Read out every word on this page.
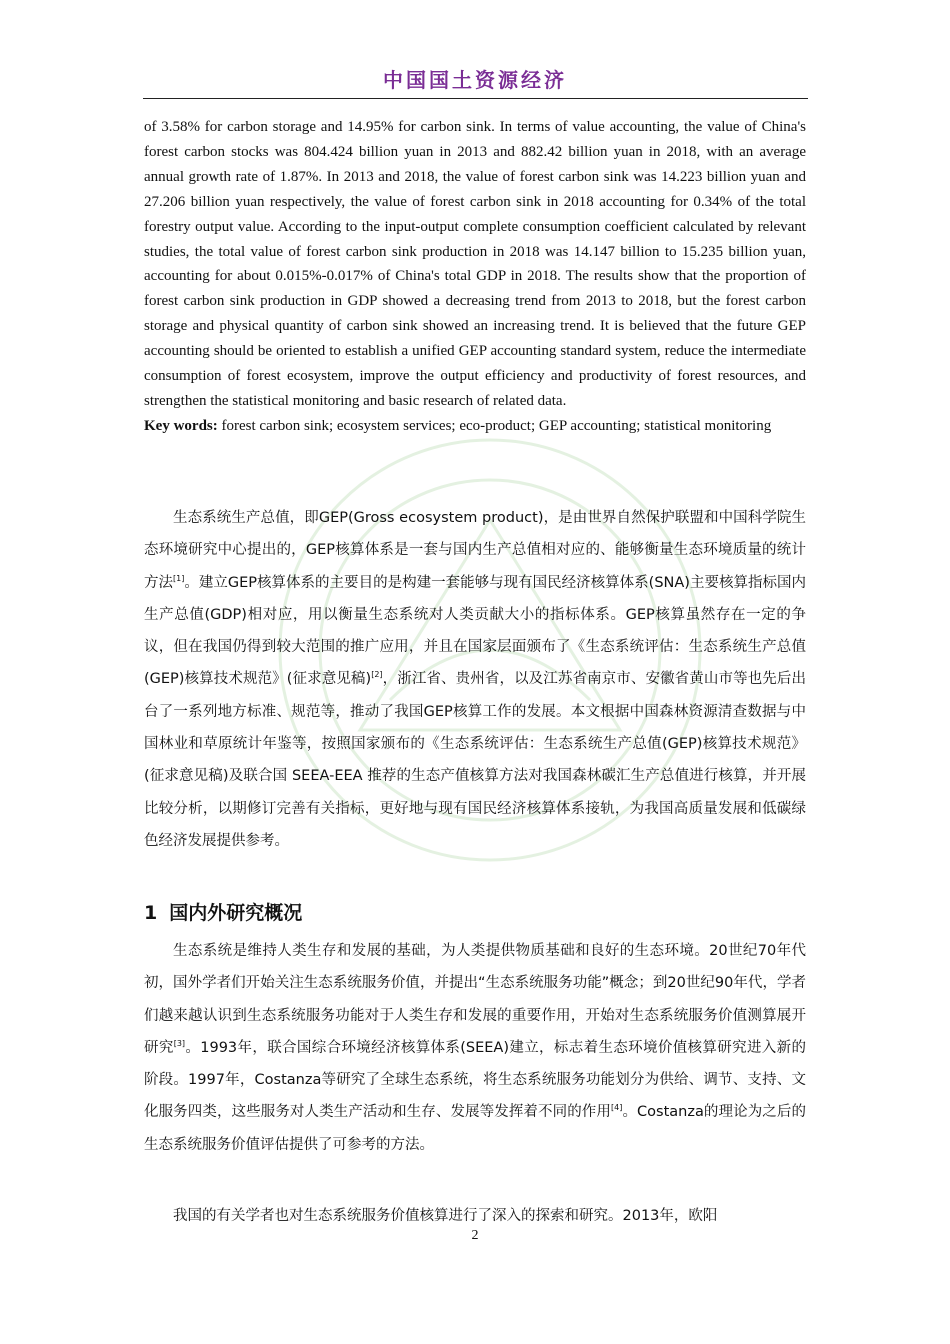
中国国土资源经济
of 3.58% for carbon storage and 14.95% for carbon sink. In terms of value accounting, the value of China's forest carbon stocks was 804.424 billion yuan in 2013 and 882.42 billion yuan in 2018, with an average annual growth rate of 1.87%. In 2013 and 2018, the value of forest carbon sink was 14.223 billion yuan and 27.206 billion yuan respectively, the value of forest carbon sink in 2018 accounting for 0.34% of the total forestry output value. According to the input-output complete consumption coefficient calculated by relevant studies, the total value of forest carbon sink production in 2018 was 14.147 billion to 15.235 billion yuan, accounting for about 0.015%-0.017% of China's total GDP in 2018. The results show that the proportion of forest carbon sink production in GDP showed a decreasing trend from 2013 to 2018, but the forest carbon storage and physical quantity of carbon sink showed an increasing trend. It is believed that the future GEP accounting should be oriented to establish a unified GEP accounting standard system, reduce the intermediate consumption of forest ecosystem, improve the output efficiency and productivity of forest resources, and strengthen the statistical monitoring and basic research of related data.
Key words: forest carbon sink; ecosystem services; eco-product; GEP accounting; statistical monitoring
生态系统生产总值，即GEP(Gross ecosystem product)，是由世界自然保护联盟和中国科学院生态环境研究中心提出的，GEP核算体系是一套与国内生产总值相对应的、能够衡量生态环境质量的统计方法[1]。建立GEP核算体系的主要目的是构建一套能够与现有国民经济核算体系(SNA)主要核算指标国内生产总值(GDP)相对应，用以衡量生态系统对人类贡献大小的指标体系。GEP核算虽然存在一定的争议，但在我国仍得到较大范围的推广应用，并且在国家层面颁布了《生态系统评估：生态系统生产总值(GEP)核算技术规范》(征求意见稿)[2]，浙江省、贵州省，以及江苏省南京市、安徽省黄山市等也先后出台了一系列地方标准、规范等，推动了我国GEP核算工作的发展。本文根据中国森林资源清查数据与中国林业和草原统计年鉴等，按照国家颁布的《生态系统评估：生态系统生产总值(GEP)核算技术规范》(征求意见稿)及联合国 SEEA-EEA 推荐的生态产值核算方法对我国森林碳汇生产总值进行核算，并开展比较分析，以期修订完善有关指标，更好地与现有国民经济核算体系接轨，为我国高质量发展和低碳绿色经济发展提供参考。
1 国内外研究概况
生态系统是维持人类生存和发展的基础，为人类提供物质基础和良好的生态环境。20世纪70年代初，国外学者们开始关注生态系统服务价值，并提出“生态系统服务功能”概念；到20世纪90年代，学者们越来越认识到生态系统服务功能对于人类生存和发展的重要作用，开始对生态系统服务价值测算展开研究[3]。1993年，联合国综合环境经济核算体系(SEEA)建立，标志着生态环境价值核算研究进入新的阶段。1997年，Costanza等研究了全球生态系统，将生态系统服务功能划分为供给、调节、支持、文化服务四类，这些服务对人类生产活动和生存、发展等发挥着不同的作用[4]。Costanza的理论为之后的生态系统服务价值评估提供了可参考的方法。
我国的有关学者也对生态系统服务价值核算进行了深入的探索和研究。2013年，欧阳
2
